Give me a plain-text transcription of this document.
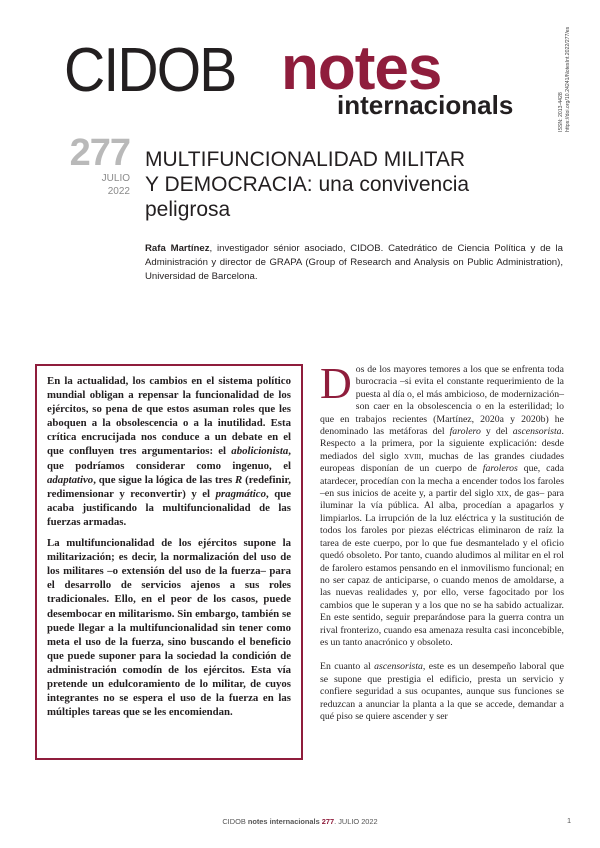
CIDOB notes
internacionals	ISSN: 2013-4428 https://doi.org/10.24241/NotesInt.2022/277/es
277
JULIO
2022
MULTIFUNCIONALIDAD MILITAR
Y DEMOCRACIA: una convivencia
peligrosa
Rafa Martínez, investigador sénior asociado, CIDOB. Catedrático de Ciencia Política y de la Administración y director de GRAPA (Group of Research and Analysis on Public Administration), Universidad de Barcelona.

En la actualidad, los cambios en el sistema político mundial obligan a repensar la funcionalidad de los ejércitos, so pena de que estos asuman roles que les aboquen a la obsolescencia o a la inutilidad. Esta crítica encrucijada nos conduce a un debate en el que confluyen tres argumentarios: el abolicionista, que podríamos considerar como ingenuo, el adaptativo, que sigue la lógica de las tres R (redefinir, redimensionar y reconvertir) y el pragmático, que acaba justificando la multifuncionalidad de las fuerzas armadas.

La multifuncionalidad de los ejércitos supone la militarización; es decir, la normalización del uso de los militares –o extensión del uso de la fuerza– para el desarrollo de servicios ajenos a sus roles tradicionales. Ello, en el peor de los casos, puede desembocar en militarismo. Sin embargo, también se puede llegar a la multifuncionalidad sin tener como meta el uso de la fuerza, sino buscando el beneficio que puede suponer para la sociedad la condición de administración comodín de los ejércitos. Esta vía pretende un edulcoramiento de lo militar, de cuyos integrantes no se espera el uso de la fuerza en las múltiples tareas que se les encomiendan.

Dos de los mayores temores a los que se enfrenta toda burocracia –si evita el constante requerimiento de la puesta al día o, el más ambicioso, de modernización– son caer en la obsolescencia o en la esterilidad; lo que en trabajos recientes (Martínez, 2020a y 2020b) he denominado las metáforas del farolero y del ascensorista. Respecto a la primera, por la siguiente explicación: desde mediados del siglo xviii, muchas de las grandes ciudades europeas disponían de un cuerpo de faroleros que, cada atardecer, procedían con la mecha a encender todos los faroles –en sus inicios de aceite y, a partir del siglo xix, de gas– para iluminar la vía pública. Al alba, procedían a apagarlos y limpiarlos. La irrupción de la luz eléctrica y la sustitución de todos los faroles por piezas eléctricas eliminaron de raíz la tarea de este cuerpo, por lo que fue desmantelado y el oficio quedó obsoleto. Por tanto, cuando aludimos al militar en el rol de farolero estamos pensando en el inmovilismo funcional; en no ser capaz de anticiparse, o cuando menos de amoldarse, a las nuevas realidades y, por ello, verse fagocitado por los cambios que le superan y a los que no se ha sabido actualizar. En este sentido, seguir preparándose para la guerra contra un rival fronterizo, cuando esa amenaza resulta casi inconcebible, es un tanto anacrónico y obsoleto.

En cuanto al ascensorista, este es un desempeño laboral que se supone que prestigia el edificio, presta un servicio y confiere seguridad a sus ocupantes, aunque sus funciones se reduzcan a anunciar la planta a la que se accede, demandar a qué piso se quiere ascender y ser

CIDOB notes internacionals 277. JULIO 2022	1
